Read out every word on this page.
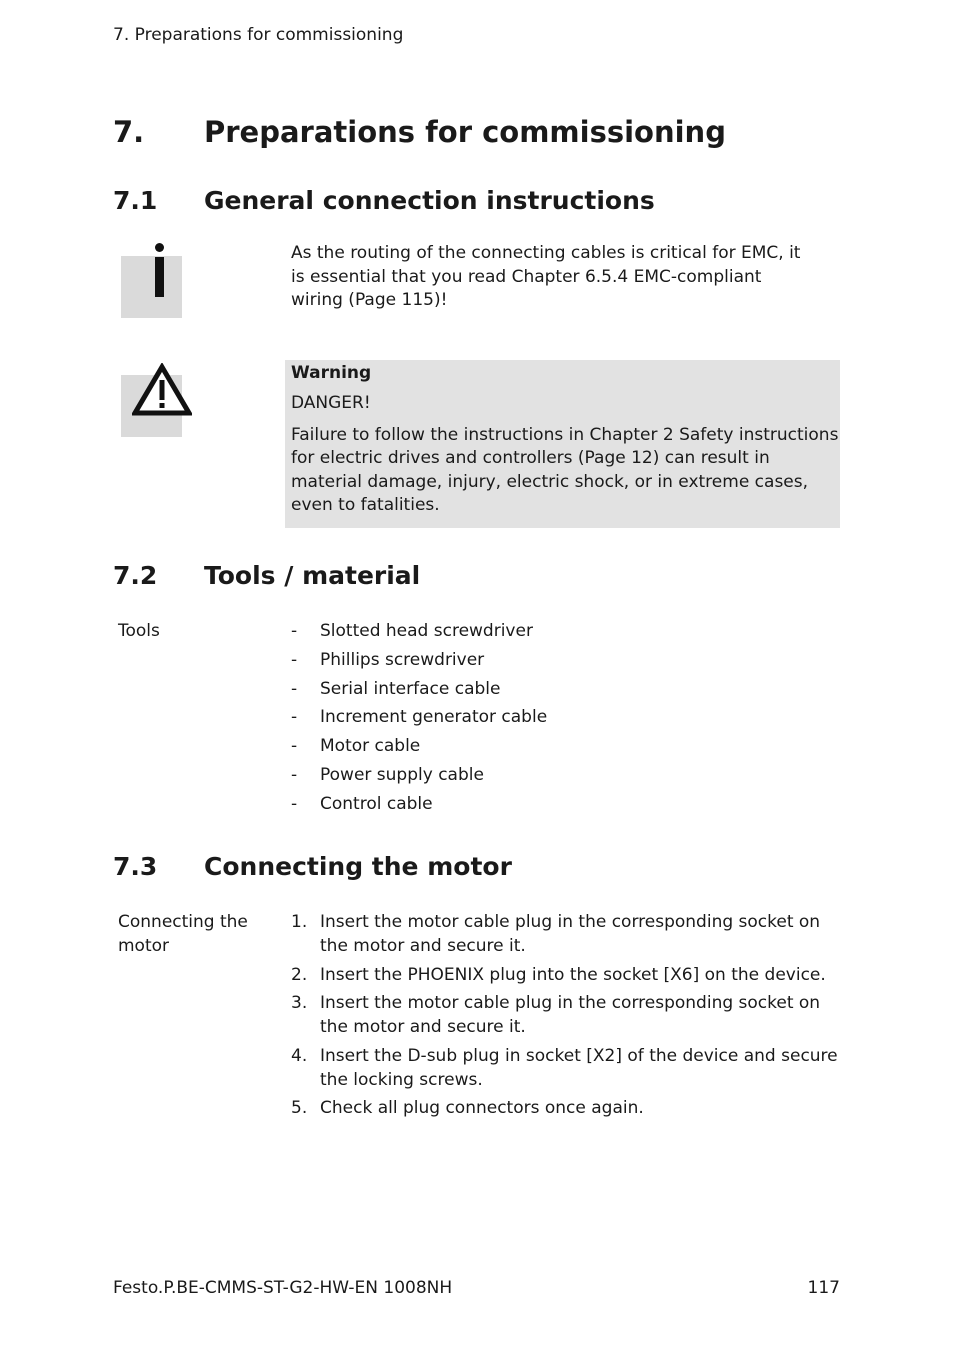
7. Preparations for commissioning
7. Preparations for commissioning
7.1 General connection instructions
As the routing of the connecting cables is critical for EMC, it is essential that you read Chapter 6.5.4 EMC-compliant wiring (Page 115)!
Warning
DANGER!
Failure to follow the instructions in Chapter 2 Safety instructions for electric drives and controllers (Page 12) can result in material damage, injury, electric shock, or in extreme cases, even to fatalities.
7.2 Tools / material
Tools	- Slotted head screwdriver
- Phillips screwdriver
- Serial interface cable
- Increment generator cable
- Motor cable
- Power supply cable
- Control cable
7.3 Connecting the motor
Connecting the motor
1. Insert the motor cable plug in the corresponding socket on the motor and secure it.
2. Insert the PHOENIX plug into the socket [X6] on the device.
3. Insert the motor cable plug in the corresponding socket on the motor and secure it.
4. Insert the D-sub plug in socket [X2] of the device and secure the locking screws.
5. Check all plug connectors once again.
Festo.P.BE-CMMS-ST-G2-HW-EN 1008NH	117
